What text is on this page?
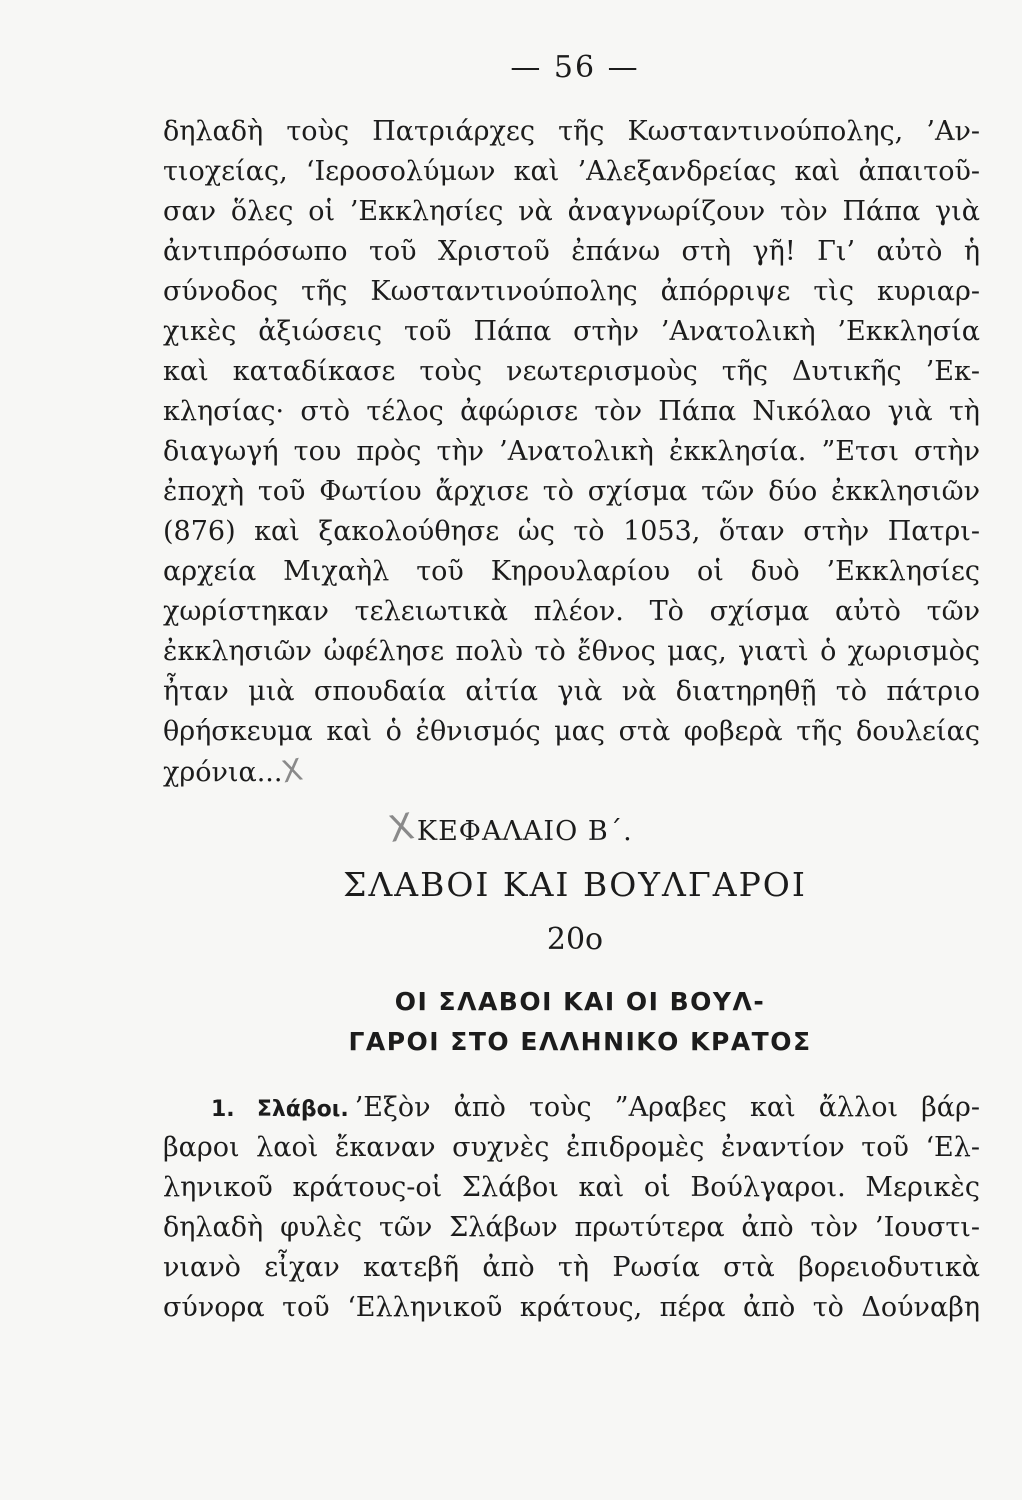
— 56 —
δηλαδὴ τοὺς Πατριάρχες τῆς Κωσταντινούπολης, ’Αν-
τιοχείας, ‘Ιεροσολύμων καὶ ’Αλεξανδρείας καὶ ἀπαιτοῦ-
σαν ὅλες οἱ ’Εκκλησίες νὰ ἀναγνωρίζουν τὸν Πάπα γιὰ
ἀντιπρόσωπο τοῦ Χριστοῦ ἐπάνω στὴ γῆ! Γι’ αὐτὸ ἡ
σύνοδος τῆς Κωσταντινούπολης ἀπόρριψε τὶς κυριαρ-
χικὲς ἀξιώσεις τοῦ Πάπα στὴν ’Ανατολικὴ ’Εκκλησία
καὶ καταδίκασε τοὺς νεωτερισμοὺς τῆς Δυτικῆς ’Εκ-
κλησίας· στὸ τέλος ἀφώρισε τὸν Πάπα Νικόλαο γιὰ τὴ
διαγωγή του πρὸς τὴν ’Ανατολικὴ ἐκκλησία. ”Ετσι στὴν
ἐποχὴ τοῦ Φωτίου ἄρχισε τὸ σχίσμα τῶν δύο ἐκκλησιῶν
(876) καὶ ξακολούθησε ὡς τὸ 1053, ὅταν στὴν Πατρι-
αρχεία Μιχαὴλ τοῦ Κηρουλαρίου οἱ δυὸ ’Εκκλησίες
χωρίστηκαν τελειωτικὰ πλέον. Τὸ σχίσμα αὐτὸ τῶν
ἐκκλησιῶν ὠφέλησε πολὺ τὸ ἔθνος μας, γιατὶ ὁ χωρισμὸς
ἦταν μιὰ σπουδαία αἰτία γιὰ νὰ διατηρηθῇ τὸ πάτριο
θρήσκευμα καὶ ὁ ἐθνισμός μας στὰ φοβερὰ τῆς δουλείας
χρόνια...X
XΚΕΦΑΛΑΙΟ Β΄.
ΣΛΑΒΟΙ ΚΑΙ ΒΟΥΛΓΑΡΟΙ
20ο
ΟΙ ΣΛΑΒΟΙ ΚΑΙ ΟΙ ΒΟΥΛ-
ΓΑΡΟΙ ΣΤΟ ΕΛΛΗΝΙΚΟ ΚΡΑΤΟΣ
1. Σλάβοι. ’Εξὸν ἀπὸ τοὺς ”Αραβες καὶ ἄλλοι βάρ-
βαροι λαοὶ ἔκαναν συχνὲς ἐπιδρομὲς ἐναντίον τοῦ ‘Ελ-
ληνικοῦ κράτους-οἱ Σλάβοι καὶ οἱ Βούλγαροι. Μερικὲς
δηλαδὴ φυλὲς τῶν Σλάβων πρωτύτερα ἀπὸ τὸν ’Ιουστι-
νιανὸ εἶχαν κατεβῆ ἀπὸ τὴ Ρωσία στὰ βορειοδυτικὰ
σύνορα τοῦ ‘Ελληνικοῦ κράτους, πέρα ἀπὸ τὸ Δούναβη
